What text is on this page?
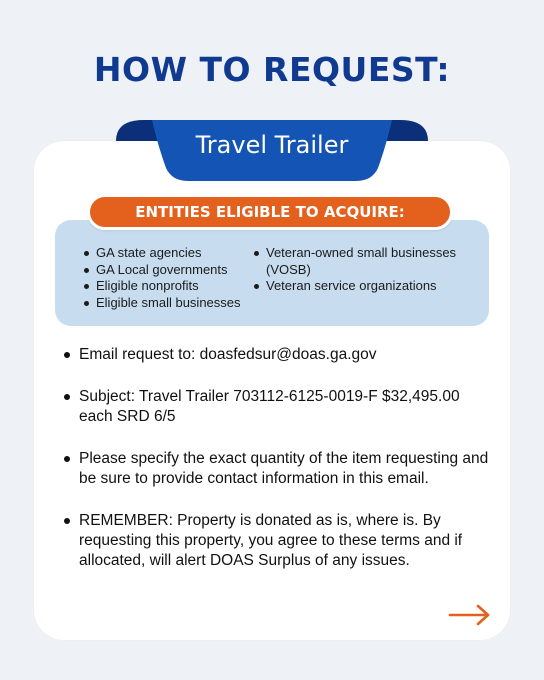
HOW TO REQUEST:
Travel Trailer
ENTITIES ELIGIBLE TO ACQUIRE:
GA state agencies
GA Local governments
Eligible nonprofits
Eligible small businesses
Veteran-owned small businesses (VOSB)
Veteran service organizations
Email request to: doasfedsur@doas.ga.gov
Subject: Travel Trailer 703112-6125-0019-F $32,495.00 each SRD 6/5
Please specify the exact quantity of the item requesting and be sure to provide contact information in this email.
REMEMBER: Property is donated as is, where is. By requesting this property, you agree to these terms and if allocated, will alert DOAS Surplus of any issues.
